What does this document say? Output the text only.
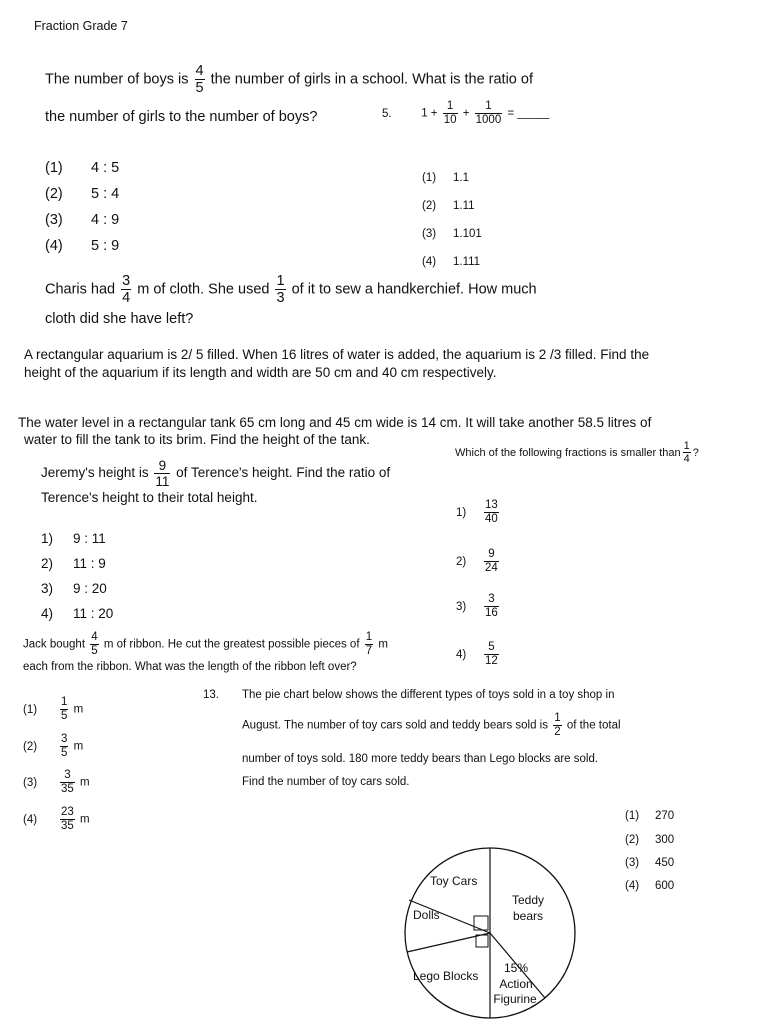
Fraction Grade 7
The number of boys is $\frac{4}{5}$ the number of girls in a school. What is the ratio of
the number of girls to the number of boys?
(1) 4 : 5
(2) 5 : 4
(3) 4 : 9
(4) 5 : 9
5.	$1 + \frac{1}{10} + \frac{1}{1000}$ = _____
(1) 1.1
(2) 1.11
(3) 1.101
(4) 1.111
Charis had $\frac{3}{4}$ m of cloth. She used $\frac{1}{3}$ of it to sew a handkerchief. How much
cloth did she have left?
A rectangular aquarium is 2/ 5 filled. When 16 litres of water is added, the aquarium is 2 /3 filled. Find the
height of the aquarium if its length and width are 50 cm and 40 cm respectively.
The water level in a rectangular tank 65 cm long and 45 cm wide is 14 cm. It will take another 58.5 litres of
water to fill the tank to its brim. Find the height of the tank.
Which of the following fractions is smaller than $\frac{1}{4}$ ?
$1) \frac{13}{40}$
$2) \frac{9}{24}$
$3) \frac{3}{16}$
$4) \frac{5}{12}$
Jeremy's height is $\frac{9}{11}$ of Terence's height. Find the ratio of
Terence's height to their total height.
1) 9 : 11
2) 11 : 9
3) 9 : 20
4) 11 : 20
Jack bought $\frac{4}{5}$ m of ribbon. He cut the greatest possible pieces of $\frac{1}{7}$ m
each from the ribbon. What was the length of the ribbon left over?
$(1) \frac{1}{5}$ m
$(2) \frac{3}{5}$ m
$(3) \frac{3}{35}$ m
$(4) \frac{23}{35}$ m
13. The pie chart below shows the different types of toys sold in a toy shop in
August. The number of toy cars sold and teddy bears sold is $\frac{1}{2}$ of the total
number of toys sold. 180 more teddy bears than Lego blocks are sold.
Find the number of toy cars sold.
(1) 270
(2) 300
(3) 450
(4) 600
Toy Cars
Dolls
Teddy
bears
Lego Blocks
15%
Action
Figurine
